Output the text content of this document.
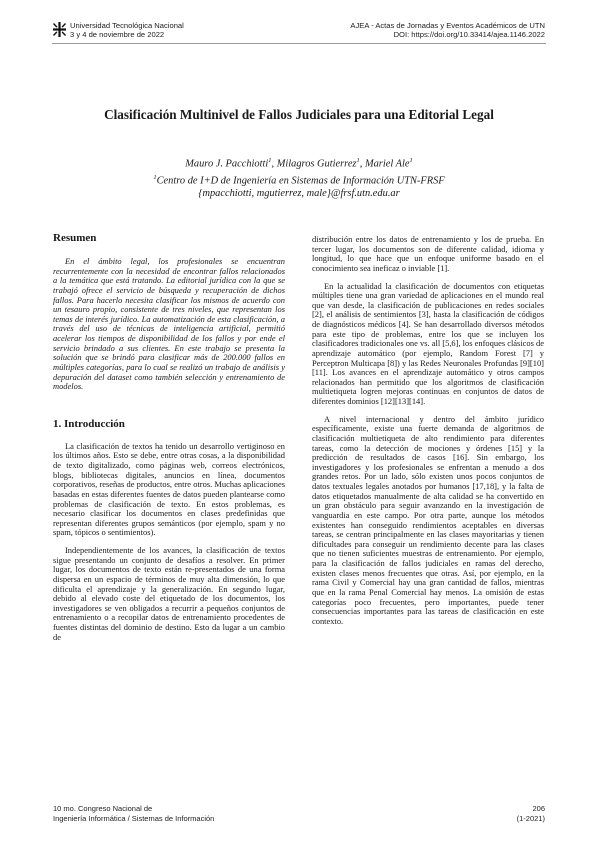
Universidad Tecnológica Nacional
3 y 4 de noviembre de 2022
AJEA - Actas de Jornadas y Eventos Académicos de UTN
DOI: https://doi.org/10.33414/ajea.1146.2022
Clasificación Multinivel de Fallos Judiciales para una Editorial Legal
Mauro J. Pacchiotti$^1$, Milagros Gutierrez$^1$, Mariel Ale$^1$
$^1$Centro de I+D de Ingeniería en Sistemas de Información UTN-FRSF
{mpacchiotti, mgutierrez, male}@frsf.utn.edu.ar
Resumen

En el ámbito legal, los profesionales se encuentran recurrentemente con la necesidad de encontrar fallos relacionados a la temática que está tratando. La editorial jurídica con la que se trabajó ofrece el servicio de búsqueda y recuperación de dichos fallos. Para hacerlo necesita clasificar los mismos de acuerdo con un tesauro propio, consistente de tres niveles, que representan los temas de interés jurídico. La automatización de esta clasificación, a través del uso de técnicas de inteligencia artificial, permitió acelerar los tiempos de disponibilidad de los fallos y por ende el servicio brindado a sus clientes. En este trabajo se presenta la solución que se brindó para clasificar más de 200.000 fallos en múltiples categorías, para lo cual se realizó un trabajo de análisis y depuración del dataset como también selección y entrenamiento de modelos.

1. Introducción

La clasificación de textos ha tenido un desarrollo vertiginoso en los últimos años. Esto se debe, entre otras cosas, a la disponibilidad de texto digitalizado, como páginas web, correos electrónicos, blogs, bibliotecas digitales, anuncios en línea, documentos corporativos, reseñas de productos, entre otros. Muchas aplicaciones basadas en estas diferentes fuentes de datos pueden plantearse como problemas de clasificación de texto. En estos problemas, es necesario clasificar los documentos en clases predefinidas que representan diferentes grupos semánticos (por ejemplo, spam y no spam, tópicos o sentimientos).

Independientemente de los avances, la clasificación de textos sigue presentando un conjunto de desafíos a resolver. En primer lugar, los documentos de texto están re-presentados de una forma dispersa en un espacio de términos de muy alta dimensión, lo que dificulta el aprendizaje y la generalización. En segundo lugar, debido al elevado coste del etiquetado de los documentos, los investigadores se ven obligados a recurrir a pequeños conjuntos de entrenamiento o a recopilar datos de entrenamiento procedentes de fuentes distintas del dominio de destino. Esto da lugar a un cambio de

distribución entre los datos de entrenamiento y los de prueba. En tercer lugar, los documentos son de diferente calidad, idioma y longitud, lo que hace que un enfoque uniforme basado en el conocimiento sea ineficaz o inviable [1].

En la actualidad la clasificación de documentos con etiquetas múltiples tiene una gran variedad de aplicaciones en el mundo real que van desde, la clasificación de publicaciones en redes sociales [2], el análisis de sentimientos [3], hasta la clasificación de códigos de diagnósticos médicos [4]. Se han desarrollado diversos métodos para este tipo de problemas, entre los que se incluyen los clasificadores tradicionales one vs. all [5,6], los enfoques clásicos de aprendizaje automático (por ejemplo, Random Forest [7] y Perceptron Multicapa [8]) y las Redes Neuronales Profundas [9][10][11]. Los avances en el aprendizaje automático y otros campos relacionados han permitido que los algoritmos de clasificación multietiqueta logren mejoras continuas en conjuntos de datos de diferentes dominios [12][13][14].

A nivel internacional y dentro del ámbito jurídico específicamente, existe una fuerte demanda de algoritmos de clasificación multietiqueta de alto rendimiento para diferentes tareas, como la detección de mociones y órdenes [15] y la predicción de resultados de casos [16]. Sin embargo, los investigadores y los profesionales se enfrentan a menudo a dos grandes retos. Por un lado, sólo existen unos pocos conjuntos de datos textuales legales anotados por humanos [17,18], y la falta de datos etiquetados manualmente de alta calidad se ha convertido en un gran obstáculo para seguir avanzando en la investigación de vanguardia en este campo. Por otra parte, aunque los métodos existentes han conseguido rendimientos aceptables en diversas tareas, se centran principalmente en las clases mayoritarias y tienen dificultades para conseguir un rendimiento decente para las clases que no tienen suficientes muestras de entrenamiento. Por ejemplo, para la clasificación de fallos judiciales en ramas del derecho, existen clases menos frecuentes que otras. Así, por ejemplo, en la rama Civil y Comercial hay una gran cantidad de fallos, mientras que en la rama Penal Comercial hay menos. La omisión de estas categorías poco frecuentes, pero importantes, puede tener consecuencias importantes para las tareas de clasificación en este contexto.

10 mo. Congreso Nacional de
Ingeniería Informática / Sistemas de Información
206
(1-2021)
